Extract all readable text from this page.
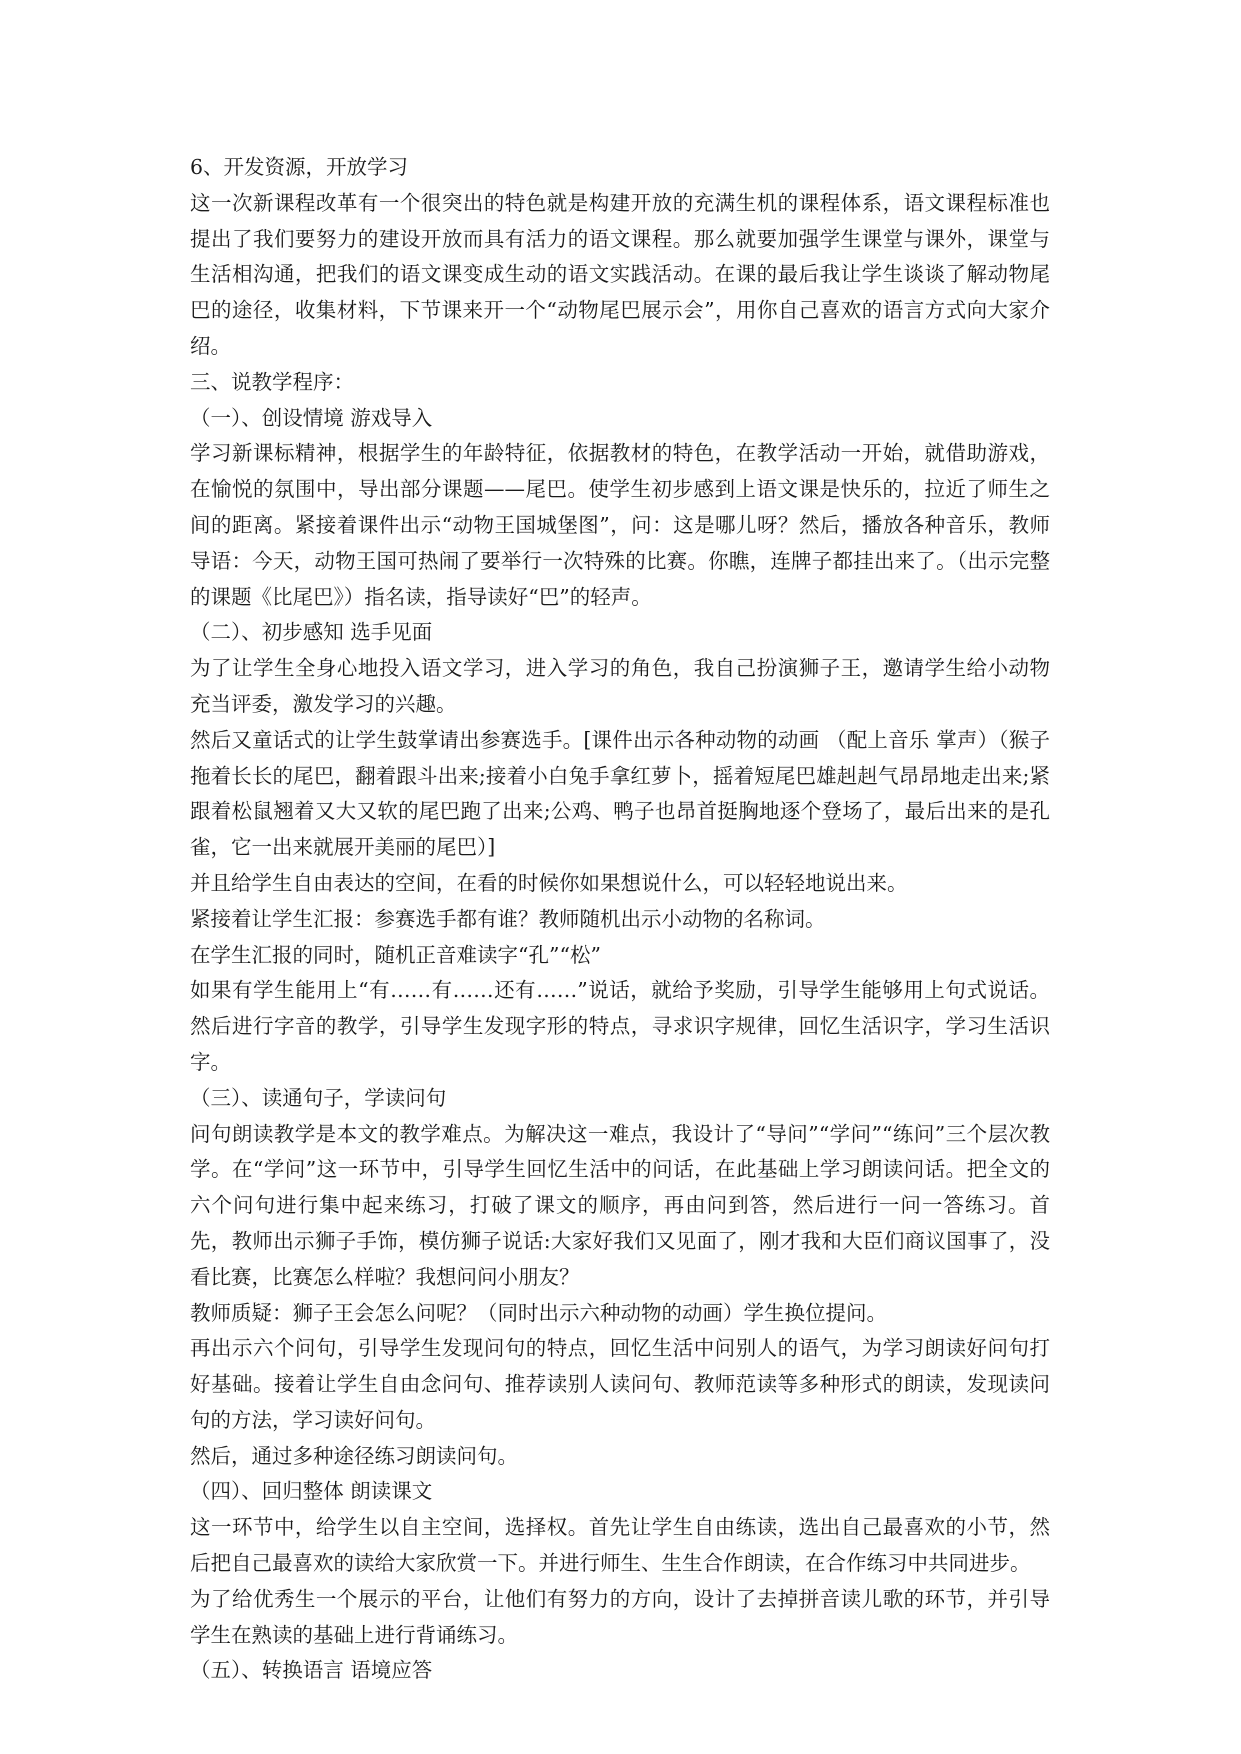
6、开发资源，开放学习

这一次新课程改革有一个很突出的特色就是构建开放的充满生机的课程体系，语文课程标准也提出了我们要努力的建设开放而具有活力的语文课程。那么就要加强学生课堂与课外，课堂与生活相沟通，把我们的语文课变成生动的语文实践活动。在课的最后我让学生谈谈了解动物尾巴的途径，收集材料，下节课来开一个“动物尾巴展示会”，用你自己喜欢的语言方式向大家介绍。

三、说教学程序：

（一）、创设情境 游戏导入

学习新课标精神，根据学生的年龄特征，依据教材的特色，在教学活动一开始，就借助游戏，在愉悦的氛围中，导出部分课题——尾巴。使学生初步感到上语文课是快乐的，拉近了师生之间的距离。紧接着课件出示“动物王国城堡图”，问：这是哪儿呀？然后，播放各种音乐，教师导语：今天，动物王国可热闹了要举行一次特殊的比赛。你瞧，连牌子都挂出来了。（出示完整的课题《比尾巴》）指名读，指导读好“巴”的轻声。

（二）、初步感知 选手见面

为了让学生全身心地投入语文学习，进入学习的角色，我自己扮演狮子王，邀请学生给小动物充当评委，激发学习的兴趣。

然后又童话式的让学生鼓掌请出参赛选手。[课件出示各种动物的动画 （配上音乐 掌声）（猴子拖着长长的尾巴，翻着跟斗出来;接着小白兔手拿红萝卜，摇着短尾巴雄赳赳气昂昂地走出来;紧跟着松鼠翘着又大又软的尾巴跑了出来;公鸡、鸭子也昂首挺胸地逐个登场了，最后出来的是孔雀，它一出来就展开美丽的尾巴）]

并且给学生自由表达的空间，在看的时候你如果想说什么，可以轻轻地说出来。

紧接着让学生汇报：参赛选手都有谁？教师随机出示小动物的名称词。

在学生汇报的同时，随机正音难读字“孔”“松”

如果有学生能用上“有……有……还有……”说话，就给予奖励，引导学生能够用上句式说话。然后进行字音的教学，引导学生发现字形的特点，寻求识字规律，回忆生活识字，学习生活识字。

（三）、读通句子，学读问句

问句朗读教学是本文的教学难点。为解决这一难点，我设计了“导问”“学问”“练问”三个层次教学。在“学问”这一环节中，引导学生回忆生活中的问话，在此基础上学习朗读问话。把全文的六个问句进行集中起来练习，打破了课文的顺序，再由问到答，然后进行一问一答练习。首先，教师出示狮子手饰，模仿狮子说话:大家好我们又见面了，刚才我和大臣们商议国事了，没看比赛，比赛怎么样啦？我想问问小朋友？

教师质疑：狮子王会怎么问呢？（同时出示六种动物的动画）学生换位提问。

再出示六个问句，引导学生发现问句的特点，回忆生活中问别人的语气，为学习朗读好问句打好基础。接着让学生自由念问句、推荐读别人读问句、教师范读等多种形式的朗读，发现读问句的方法，学习读好问句。

然后，通过多种途径练习朗读问句。

（四）、回归整体 朗读课文

这一环节中，给学生以自主空间，选择权。首先让学生自由练读，选出自己最喜欢的小节，然后把自己最喜欢的读给大家欣赏一下。并进行师生、生生合作朗读，在合作练习中共同进步。

为了给优秀生一个展示的平台，让他们有努力的方向，设计了去掉拼音读儿歌的环节，并引导学生在熟读的基础上进行背诵练习。

（五）、转换语言 语境应答
